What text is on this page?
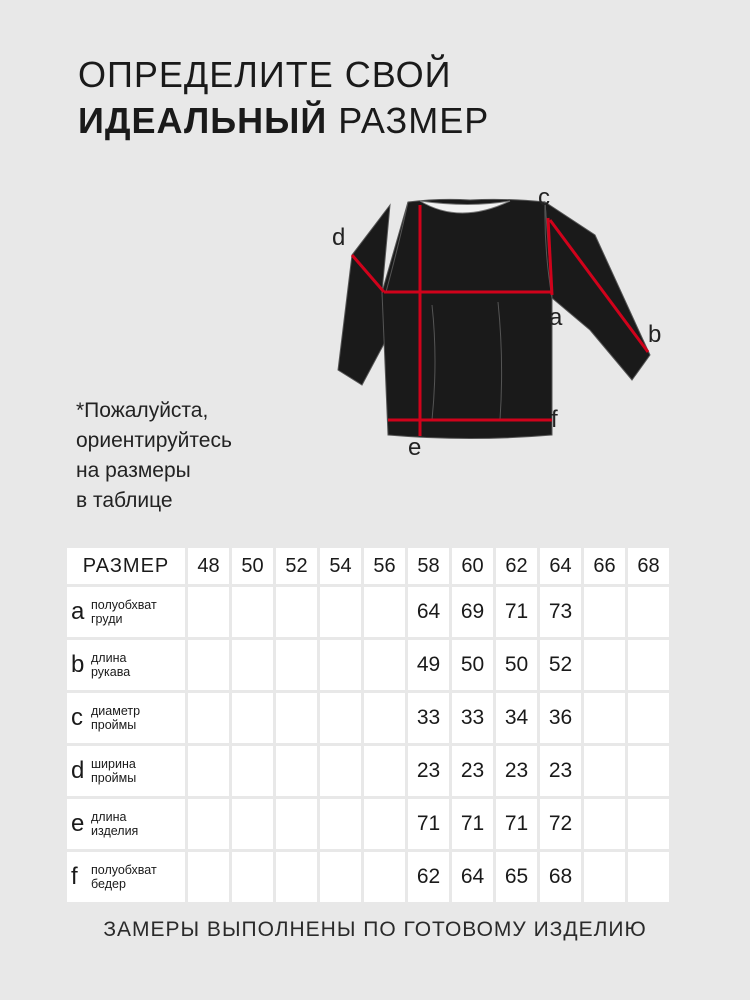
ОПРЕДЕЛИТЕ СВОЙ
ИДЕАЛЬНЫЙ РАЗМЕР
d
c
a
b
f
e
*Пожалуйста,
ориентируйтесь
на размеры
в таблице
РАЗМЕР	48	50	52	54	56	58	60	62	64	66	68

a полуобхват
груди						64	69	71	73		

b длина
рукава						49	50	50	52		

c диаметр
проймы						33	33	34	36		

d ширина
проймы						23	23	23	23		

e длина
изделия						71	71	71	72		

f полуобхват
бедер						62	64	65	68		
ЗАМЕРЫ ВЫПОЛНЕНЫ ПО ГОТОВОМУ ИЗДЕЛИЮ
